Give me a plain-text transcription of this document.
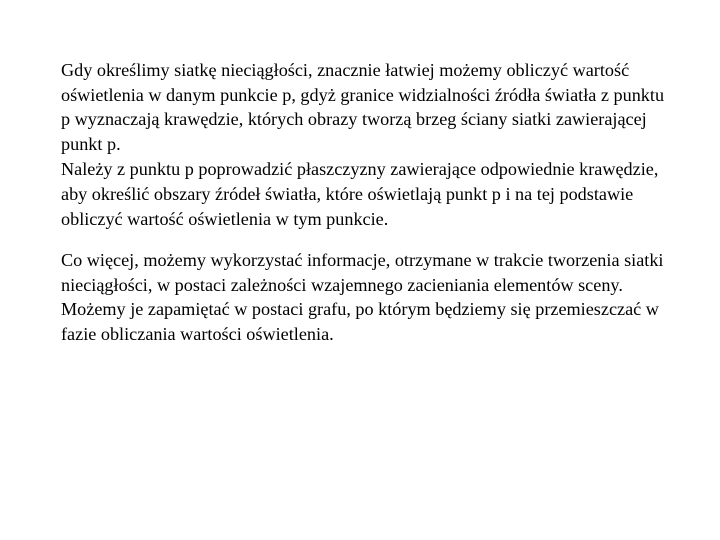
Gdy określimy siatkę nieciągłości, znacznie łatwiej możemy obliczyć wartość oświetlenia w danym punkcie p, gdyż granice widzialności źródła światła z punktu p wyznaczają krawędzie, których obrazy tworzą brzeg ściany siatki zawierającej punkt p.

Należy z punktu p poprowadzić płaszczyzny zawierające odpowiednie krawędzie, aby określić obszary źródeł światła, które oświetlają punkt p i na tej podstawie obliczyć wartość oświetlenia w tym punkcie.

Co więcej, możemy wykorzystać informacje, otrzymane w trakcie tworzenia siatki nieciągłości, w postaci zależności wzajemnego zacieniania elementów sceny. Możemy je zapamiętać w postaci grafu, po którym będziemy się przemieszczać w fazie obliczania wartości oświetlenia.
